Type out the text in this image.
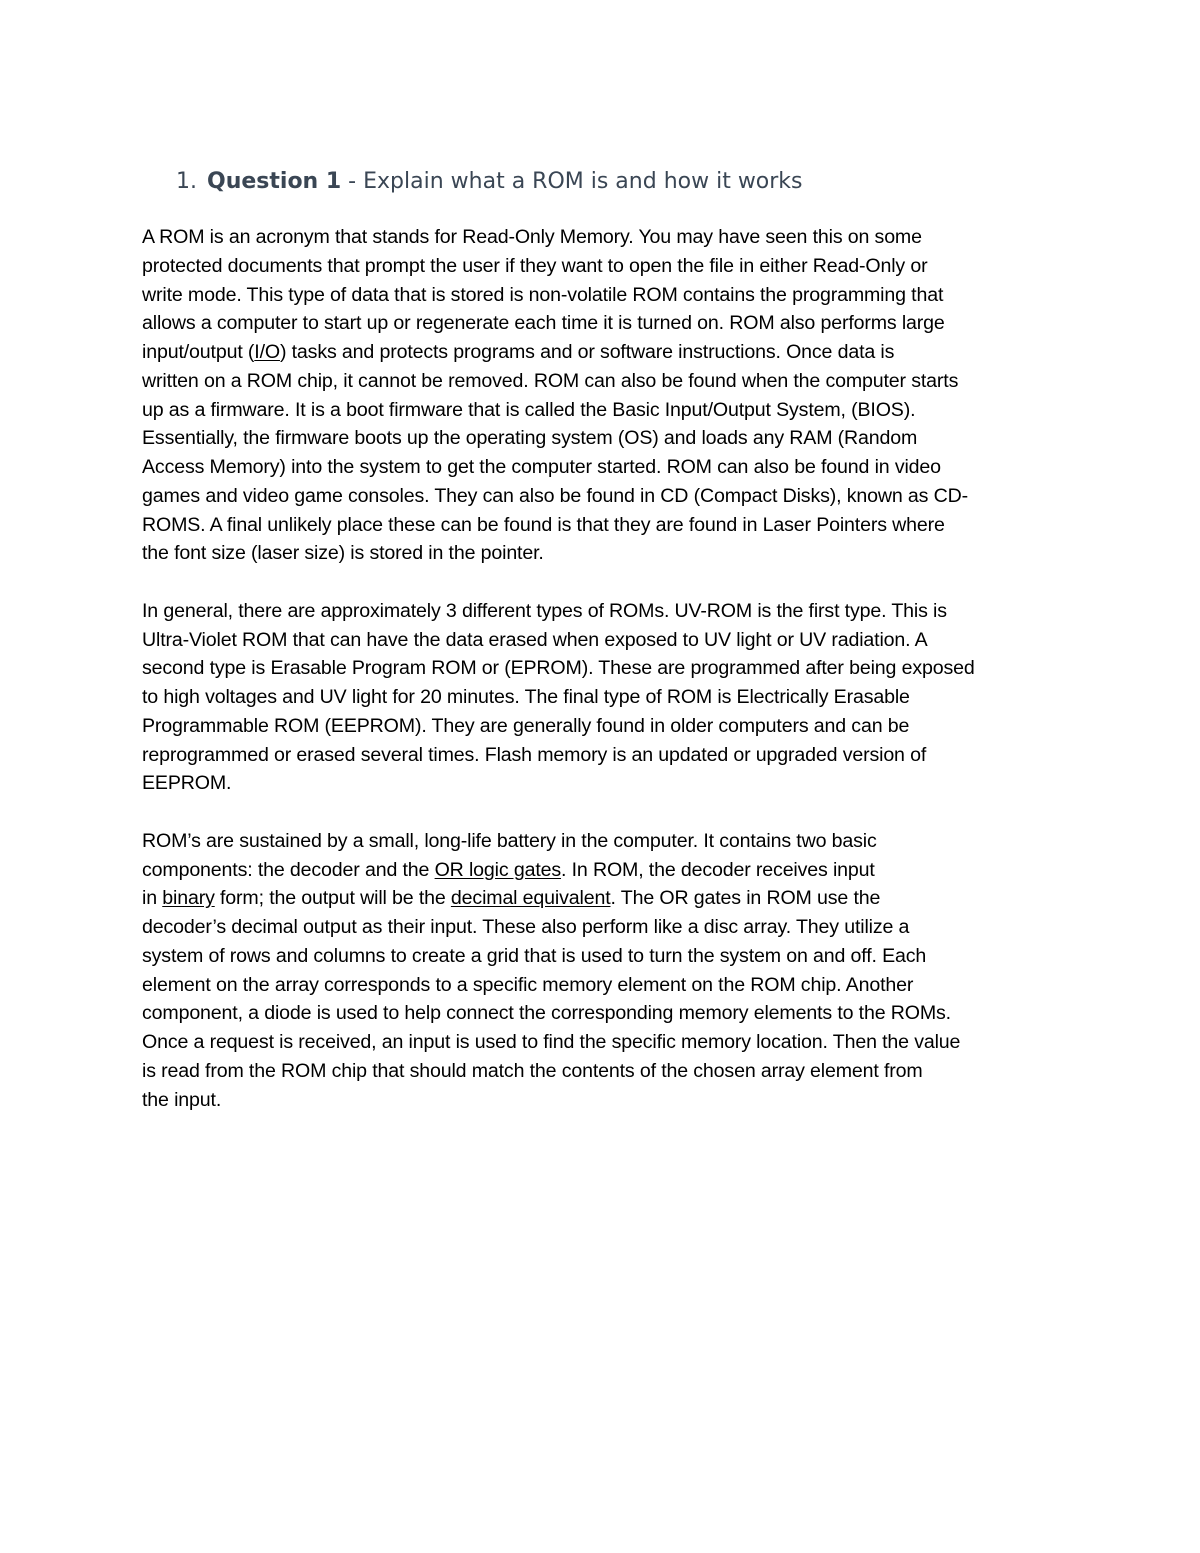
1. Question 1 - Explain what a ROM is and how it works

A ROM is an acronym that stands for Read-Only Memory. You may have seen this on some
protected documents that prompt the user if they want to open the file in either Read-Only or
write mode. This type of data that is stored is non-volatile ROM contains the programming that
allows a computer to start up or regenerate each time it is turned on. ROM also performs large
input/output (I/O) tasks and protects programs and or software instructions. Once data is
written on a ROM chip, it cannot be removed. ROM can also be found when the computer starts
up as a firmware. It is a boot firmware that is called the Basic Input/Output System, (BIOS).
Essentially, the firmware boots up the operating system (OS) and loads any RAM (Random
Access Memory) into the system to get the computer started. ROM can also be found in video
games and video game consoles. They can also be found in CD (Compact Disks), known as CD-
ROMS. A final unlikely place these can be found is that they are found in Laser Pointers where
the font size (laser size) is stored in the pointer.

In general, there are approximately 3 different types of ROMs. UV-ROM is the first type. This is
Ultra-Violet ROM that can have the data erased when exposed to UV light or UV radiation. A
second type is Erasable Program ROM or (EPROM). These are programmed after being exposed
to high voltages and UV light for 20 minutes. The final type of ROM is Electrically Erasable
Programmable ROM (EEPROM). They are generally found in older computers and can be
reprogrammed or erased several times. Flash memory is an updated or upgraded version of
EEPROM.

ROM’s are sustained by a small, long-life battery in the computer. It contains two basic
components: the decoder and the OR logic gates. In ROM, the decoder receives input
in binary form; the output will be the decimal equivalent. The OR gates in ROM use the
decoder’s decimal output as their input. These also perform like a disc array. They utilize a
system of rows and columns to create a grid that is used to turn the system on and off. Each
element on the array corresponds to a specific memory element on the ROM chip. Another
component, a diode is used to help connect the corresponding memory elements to the ROMs.
Once a request is received, an input is used to find the specific memory location. Then the value
is read from the ROM chip that should match the contents of the chosen array element from
the input.
